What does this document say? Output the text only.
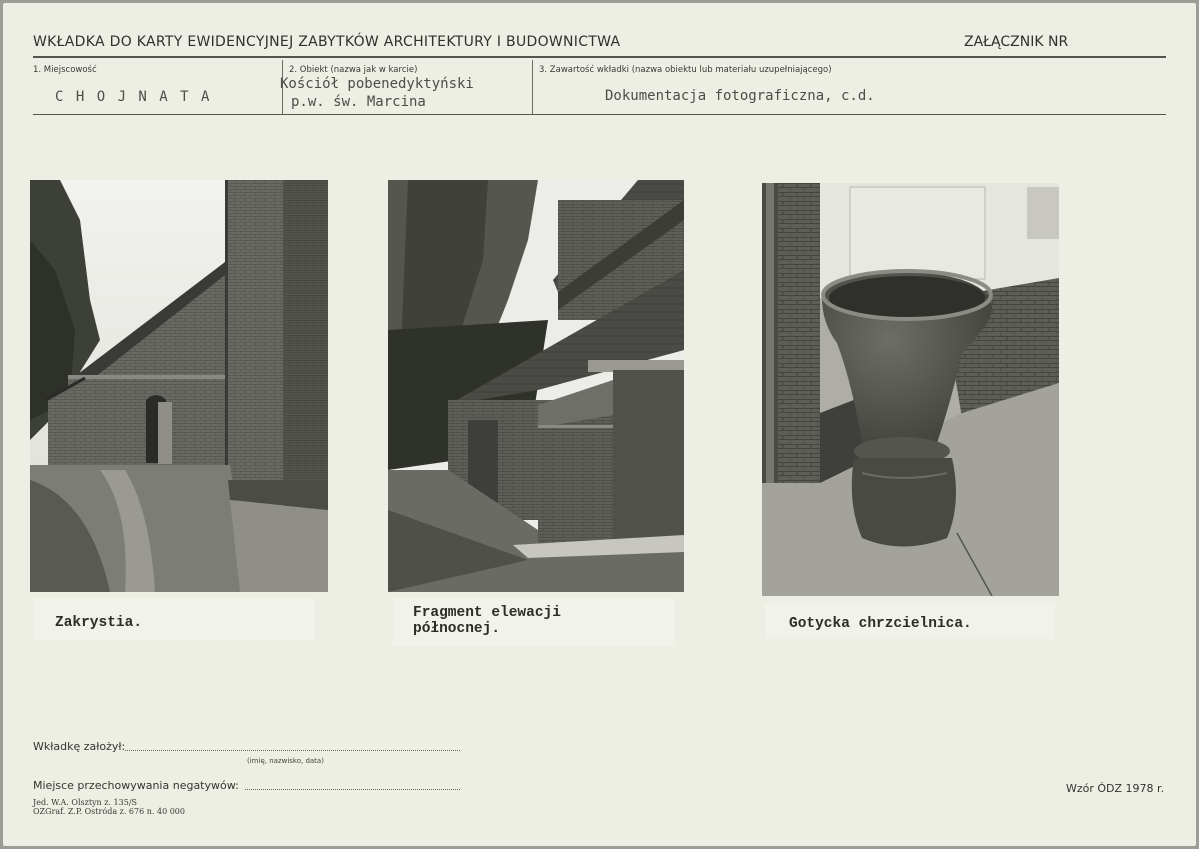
WKŁADKA DO KARTY EWIDENCYJNEJ ZABYTKÓW ARCHITEKTURY I BUDOWNICTWA	ZAŁĄCZNIK NR
1. Miejscowość
C H O J N A T A
2. Obiekt (nazwa jak w karcie)
Kościół pobenedyktyński
p.w. św. Marcina
3. Zawartość wkładki (nazwa obiektu lub materiału uzupełniającego)
Dokumentacja fotograficzna, c.d.
Zakrystia.
Fragment elewacji
północnej.	Gotycka chrzcielnica.
Wkładkę założył:
(imię, nazwisko, data)
Miejsce przechowywania negatywów:
Jed. W.A. Olsztyn z. 135/S
OZGraf. Z.P. Ostróda z. 676 n. 40 000
Wzór ÓDZ 1978 r.
